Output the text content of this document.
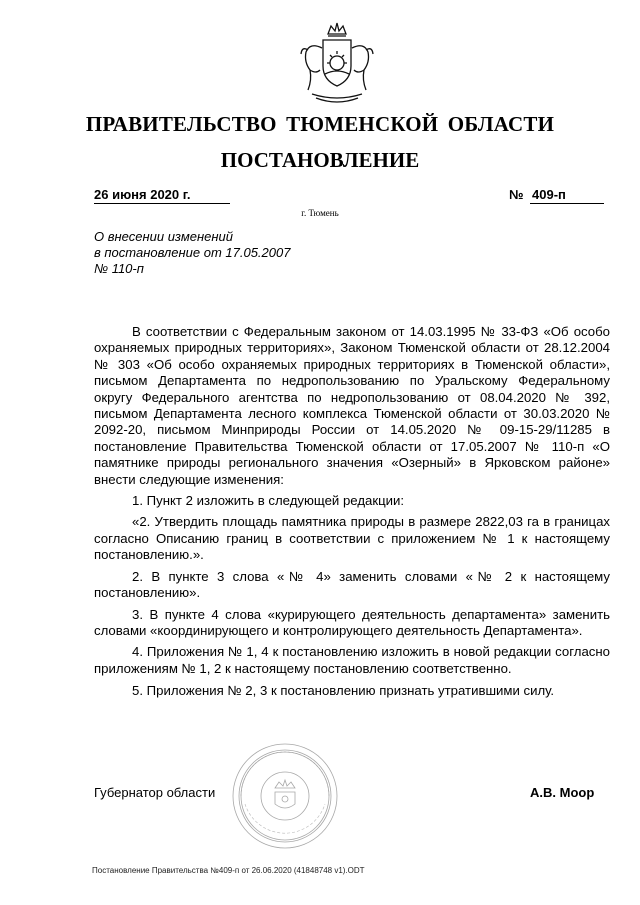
ПРАВИТЕЛЬСТВО ТЮМЕНСКОЙ ОБЛАСТИ
ПОСТАНОВЛЕНИЕ
26 июня 2020 г.	№ 409-п
г. Тюмень
О внесении изменений
в постановление от 17.05.2007
№ 110-п

В соответствии с Федеральным законом от 14.03.1995 № 33-ФЗ «Об особо охраняемых природных территориях», Законом Тюменской области от 28.12.2004 № 303 «Об особо охраняемых природных территориях в Тюменской области», письмом Департамента по недропользованию по Уральскому Федеральному округу Федерального агентства по недропользованию от 08.04.2020 № 392, письмом Департамента лесного комплекса Тюменской области от 30.03.2020 № 2092-20, письмом Минприроды России от 14.05.2020 № 09-15-29/11285 в постановление Правительства Тюменской области от 17.05.2007 № 110-п «О памятнике природы регионального значения «Озерный» в Ярковском районе» внести следующие изменения:

1. Пункт 2 изложить в следующей редакции:

«2. Утвердить площадь памятника природы в размере 2822,03 га в границах согласно Описанию границ в соответствии с приложением № 1 к настоящему постановлению.».

2. В пункте 3 слова «№ 4» заменить словами «№ 2 к настоящему постановлению».

3. В пункте 4 слова «курирующего деятельность департамента» заменить словами «координирующего и контролирующего деятельность Департамента».

4. Приложения № 1, 4 к постановлению изложить в новой редакции согласно приложениям № 1, 2 к настоящему постановлению соответственно.

5. Приложения № 2, 3 к постановлению признать утратившими силу.

Губернатор области	А.В. Моор
Постановление Правительства №409-п от 26.06.2020 (41848748 v1).ODT
